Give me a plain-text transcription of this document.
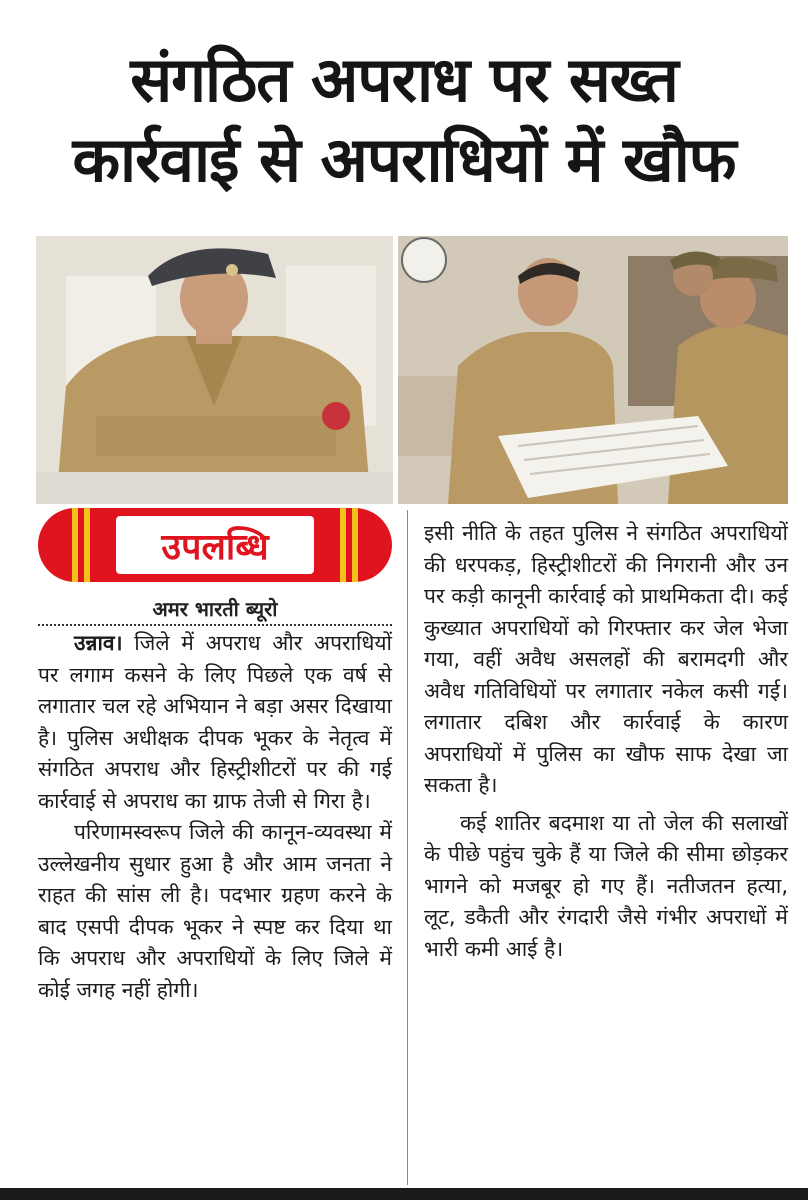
संगठित अपराध पर सख्त
कार्रवाई से अपराधियों में खौफ
उपलब्धि
अमर भारती ब्यूरो

उन्नाव। जिले में अपराध और अपराधियों पर लगाम कसने के लिए पिछले एक वर्ष से लगातार चल रहे अभियान ने बड़ा असर दिखाया है। पुलिस अधीक्षक दीपक भूकर के नेतृत्व में संगठित अपराध और हिस्ट्रीशीटरों पर की गई कार्रवाई से अपराध का ग्राफ तेजी से गिरा है।

परिणामस्वरूप जिले की कानून-व्यवस्था में उल्लेखनीय सुधार हुआ है और आम जनता ने राहत की सांस ली है। पदभार ग्रहण करने के बाद एसपी दीपक भूकर ने स्पष्ट कर दिया था कि अपराध और अपराधियों के लिए जिले में कोई जगह नहीं होगी।

इसी नीति के तहत पुलिस ने संगठित अपराधियों की धरपकड़, हिस्ट्रीशीटरों की निगरानी और उन पर कड़ी कानूनी कार्रवाई को प्राथमिकता दी। कई कुख्यात अपराधियों को गिरफ्तार कर जेल भेजा गया, वहीं अवैध असलहों की बरामदगी और अवैध गतिविधियों पर लगातार नकेल कसी गई। लगातार दबिश और कार्रवाई के कारण अपराधियों में पुलिस का खौफ साफ देखा जा सकता है।

कई शातिर बदमाश या तो जेल की सलाखों के पीछे पहुंच चुके हैं या जिले की सीमा छोड़कर भागने को मजबूर हो गए हैं। नतीजतन हत्या, लूट, डकैती और रंगदारी जैसे गंभीर अपराधों में भारी कमी आई है।
